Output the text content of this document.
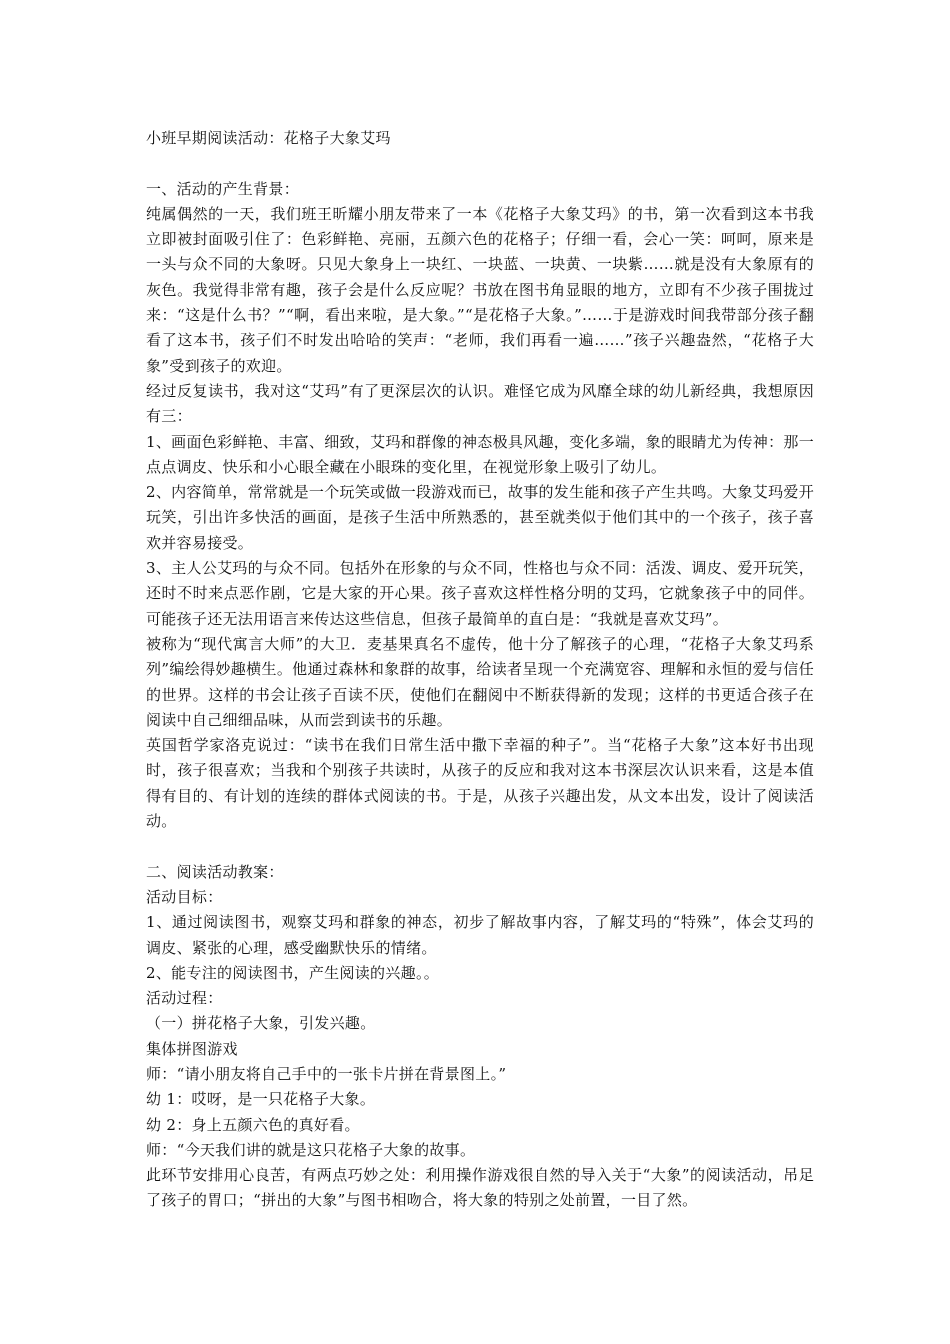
小班早期阅读活动：花格子大象艾玛

一、活动的产生背景：

纯属偶然的一天，我们班王昕耀小朋友带来了一本《花格子大象艾玛》的书，第一次看到这本书我立即被封面吸引住了：色彩鲜艳、亮丽，五颜六色的花格子；仔细一看，会心一笑：呵呵，原来是一头与众不同的大象呀。只见大象身上一块红、一块蓝、一块黄、一块紫……就是没有大象原有的灰色。我觉得非常有趣，孩子会是什么反应呢？书放在图书角显眼的地方，立即有不少孩子围拢过来：“这是什么书？”“啊，看出来啦，是大象。”“是花格子大象。”……于是游戏时间我带部分孩子翻看了这本书，孩子们不时发出哈哈的笑声：“老师，我们再看一遍……”孩子兴趣盎然，“花格子大象”受到孩子的欢迎。

经过反复读书，我对这“艾玛”有了更深层次的认识。难怪它成为风靡全球的幼儿新经典，我想原因有三：

1、画面色彩鲜艳、丰富、细致，艾玛和群像的神态极具风趣，变化多端，象的眼睛尤为传神：那一点点调皮、快乐和小心眼全藏在小眼珠的变化里，在视觉形象上吸引了幼儿。

2、内容简单，常常就是一个玩笑或做一段游戏而已，故事的发生能和孩子产生共鸣。大象艾玛爱开玩笑，引出许多快活的画面，是孩子生活中所熟悉的，甚至就类似于他们其中的一个孩子，孩子喜欢并容易接受。

3、主人公艾玛的与众不同。包括外在形象的与众不同，性格也与众不同：活泼、调皮、爱开玩笑，还时不时来点恶作剧，它是大家的开心果。孩子喜欢这样性格分明的艾玛，它就象孩子中的同伴。可能孩子还无法用语言来传达这些信息，但孩子最简单的直白是：“我就是喜欢艾玛”。

被称为“现代寓言大师”的大卫．麦基果真名不虚传，他十分了解孩子的心理，“花格子大象艾玛系列”编绘得妙趣横生。他通过森林和象群的故事，给读者呈现一个充满宽容、理解和永恒的爱与信任的世界。这样的书会让孩子百读不厌，使他们在翻阅中不断获得新的发现；这样的书更适合孩子在阅读中自己细细品味，从而尝到读书的乐趣。

英国哲学家洛克说过：“读书在我们日常生活中撒下幸福的种子”。当“花格子大象”这本好书出现时，孩子很喜欢；当我和个别孩子共读时，从孩子的反应和我对这本书深层次认识来看，这是本值得有目的、有计划的连续的群体式阅读的书。于是，从孩子兴趣出发，从文本出发，设计了阅读活动。

二、阅读活动教案：

活动目标：

1、通过阅读图书，观察艾玛和群象的神态，初步了解故事内容，了解艾玛的“特殊”，体会艾玛的调皮、紧张的心理，感受幽默快乐的情绪。

2、能专注的阅读图书，产生阅读的兴趣。。

活动过程：

（一）拼花格子大象，引发兴趣。

集体拼图游戏

师：“请小朋友将自己手中的一张卡片拼在背景图上。”

幼 1：哎呀，是一只花格子大象。

幼 2：身上五颜六色的真好看。

师：“今天我们讲的就是这只花格子大象的故事。

此环节安排用心良苦，有两点巧妙之处：利用操作游戏很自然的导入关于“大象”的阅读活动，吊足了孩子的胃口；“拼出的大象”与图书相吻合，将大象的特别之处前置，一目了然。
